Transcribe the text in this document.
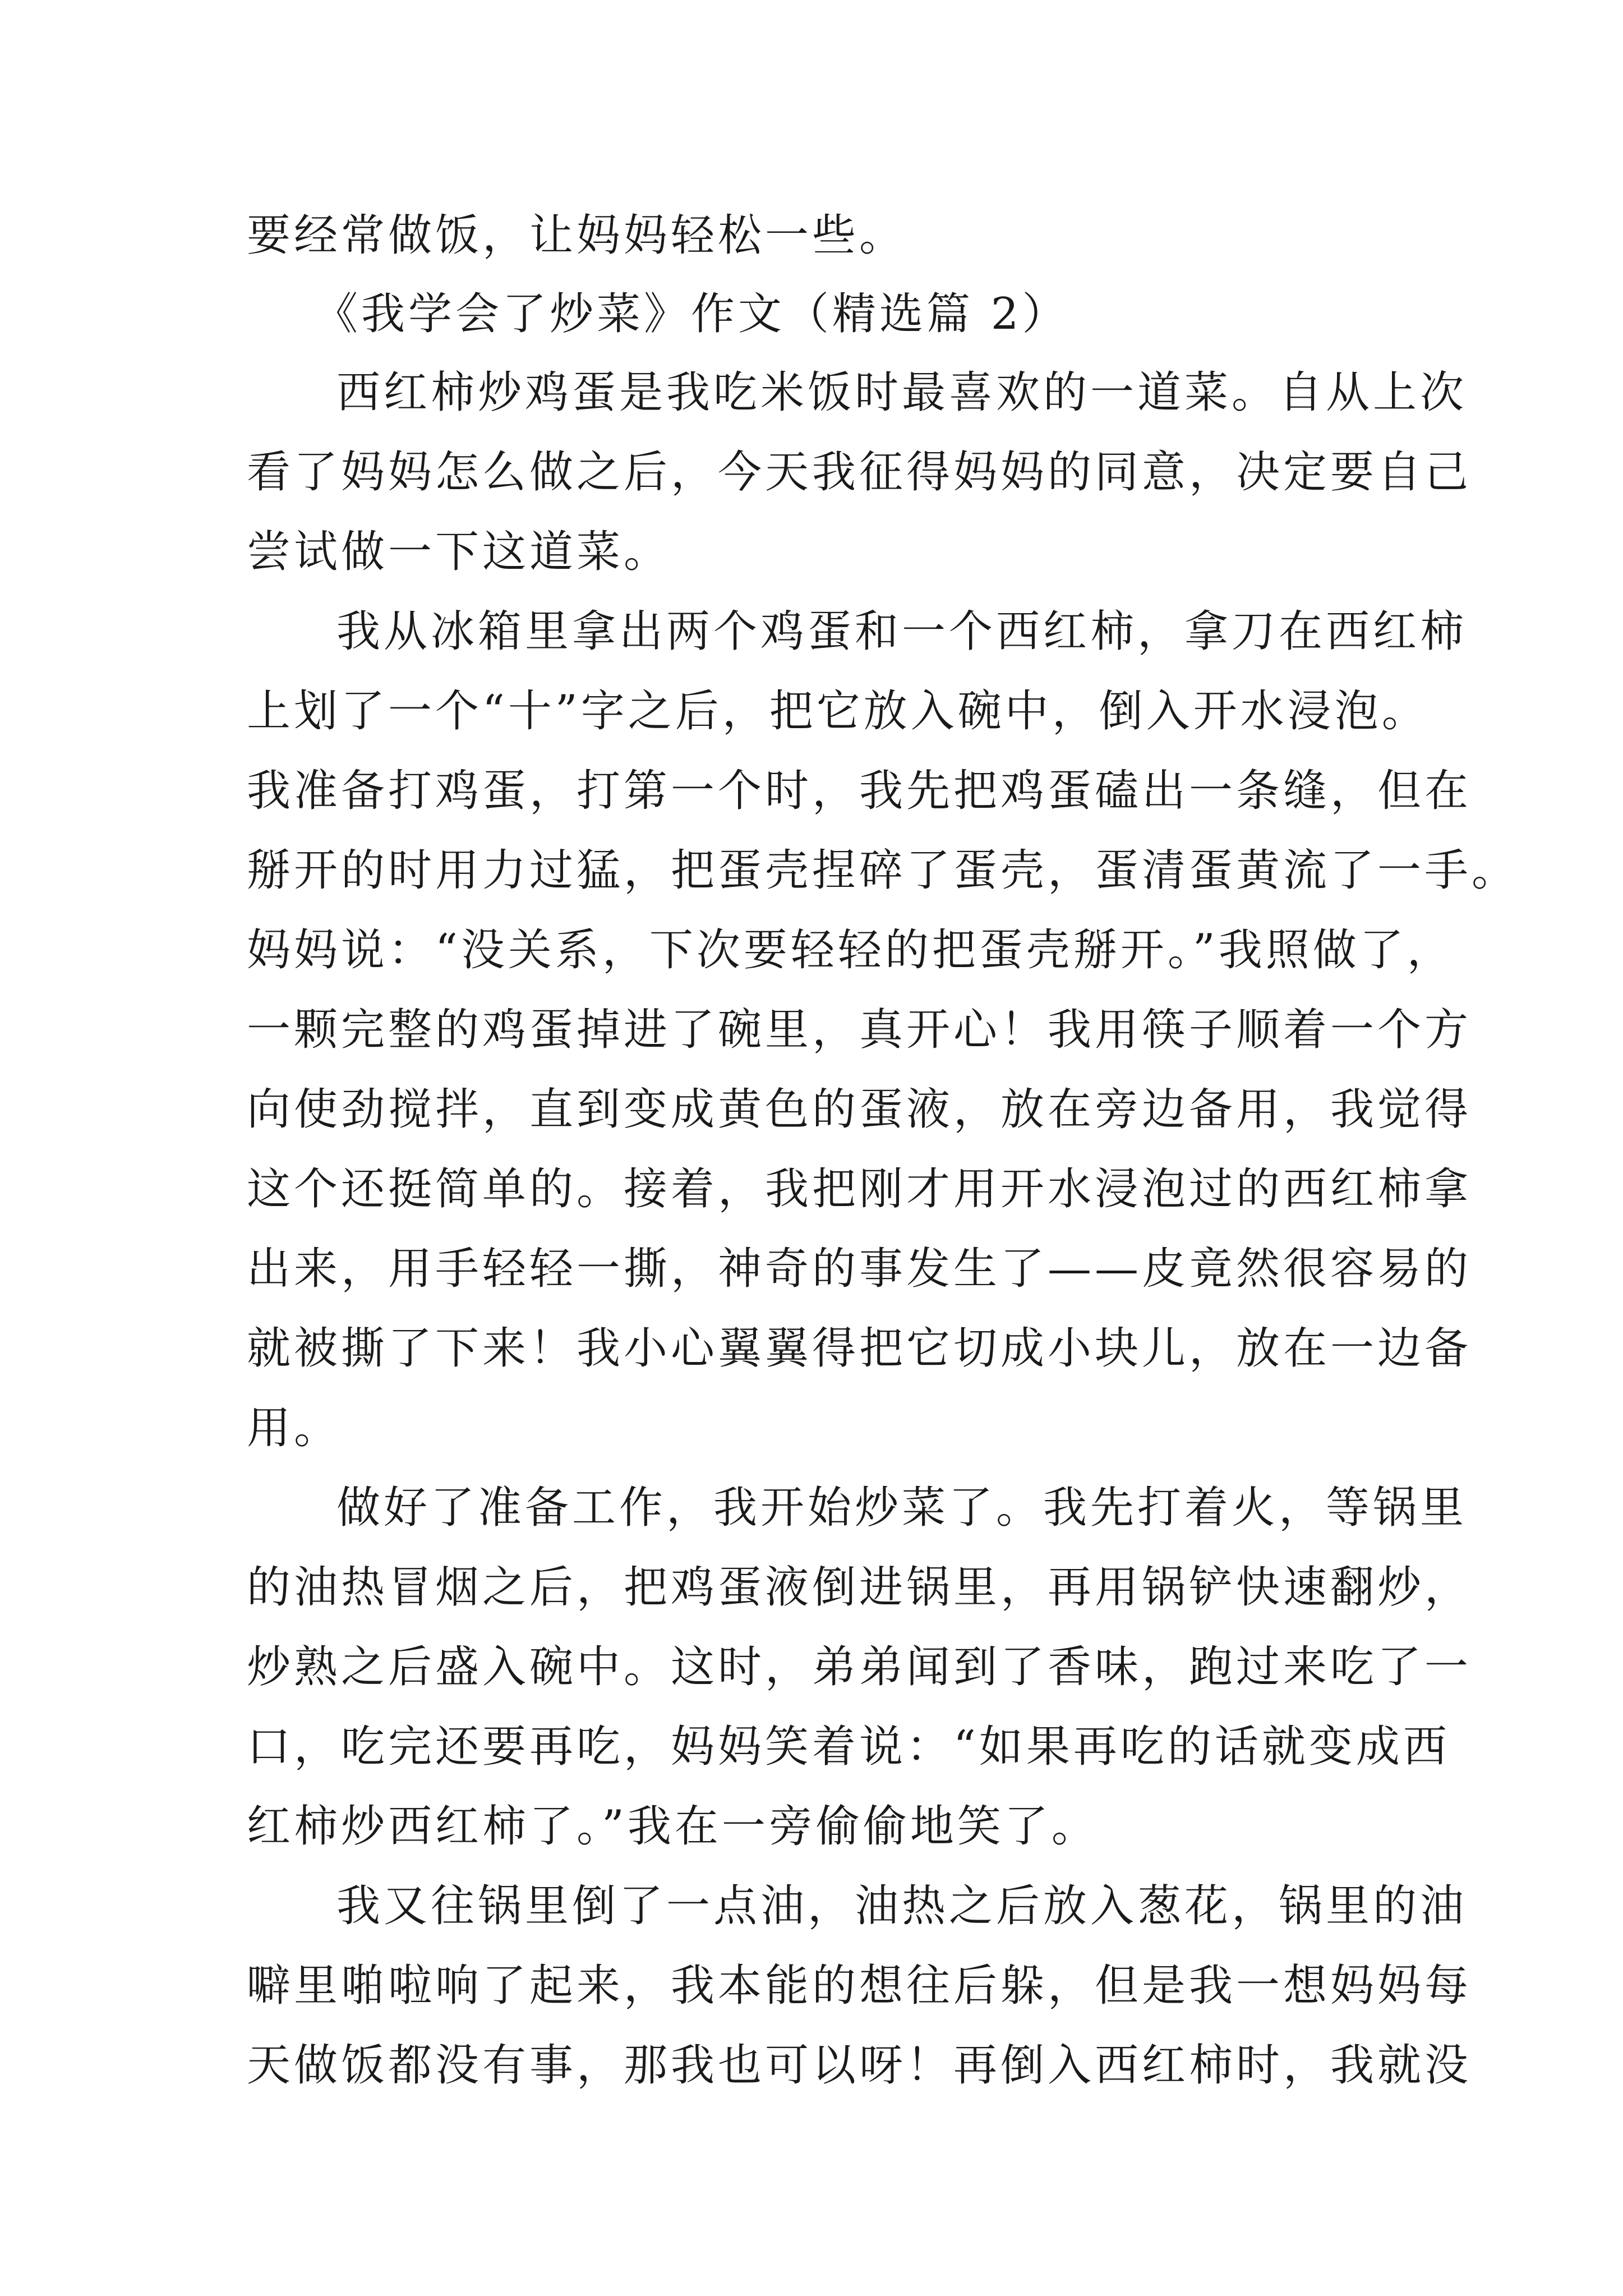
要经常做饭，让妈妈轻松一些。
《我学会了炒菜》作文（精选篇 2）
西红柿炒鸡蛋是我吃米饭时最喜欢的一道菜。自从上次
看了妈妈怎么做之后，今天我征得妈妈的同意，决定要自己
尝试做一下这道菜。
我从冰箱里拿出两个鸡蛋和一个西红柿，拿刀在西红柿
上划了一个“十”字之后，把它放入碗中，倒入开水浸泡。
我准备打鸡蛋，打第一个时，我先把鸡蛋磕出一条缝，但在
掰开的时用力过猛，把蛋壳捏碎了蛋壳，蛋清蛋黄流了一手。
妈妈说：“没关系，下次要轻轻的把蛋壳掰开。”我照做了，
一颗完整的鸡蛋掉进了碗里，真开心！我用筷子顺着一个方
向使劲搅拌，直到变成黄色的蛋液，放在旁边备用，我觉得
这个还挺简单的。接着，我把刚才用开水浸泡过的西红柿拿
出来，用手轻轻一撕，神奇的事发生了——皮竟然很容易的
就被撕了下来！我小心翼翼得把它切成小块儿，放在一边备
用。
做好了准备工作，我开始炒菜了。我先打着火，等锅里
的油热冒烟之后，把鸡蛋液倒进锅里，再用锅铲快速翻炒，
炒熟之后盛入碗中。这时，弟弟闻到了香味，跑过来吃了一
口，吃完还要再吃，妈妈笑着说：“如果再吃的话就变成西
红柿炒西红柿了。”我在一旁偷偷地笑了。
我又往锅里倒了一点油，油热之后放入葱花，锅里的油
噼里啪啦响了起来，我本能的想往后躲，但是我一想妈妈每
天做饭都没有事，那我也可以呀！再倒入西红柿时，我就没
